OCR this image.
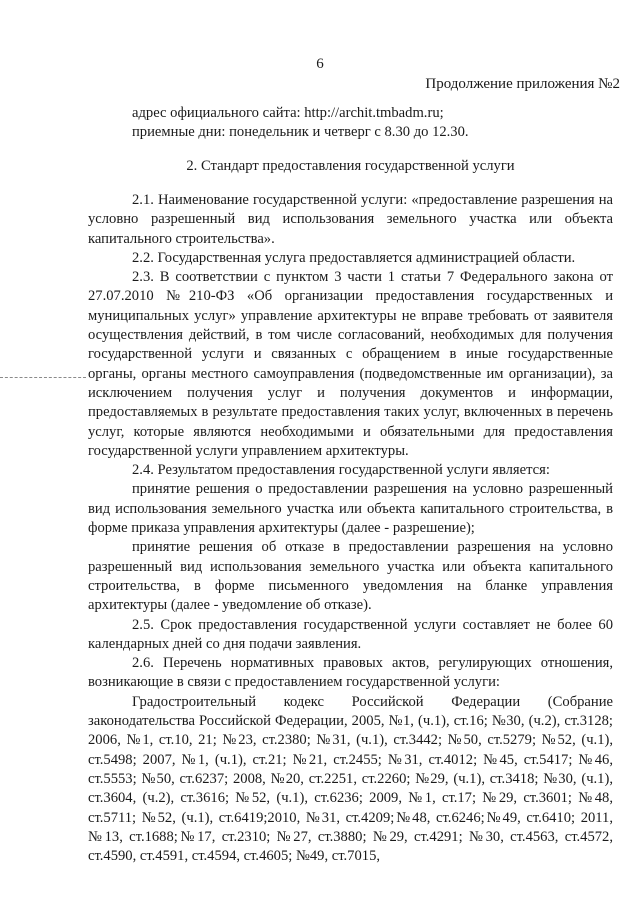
6
Продолжение приложения №2
адрес официального сайта: http://archit.tmbadm.ru;
приемные дни: понедельник и четверг с 8.30 до 12.30.
2. Стандарт предоставления государственной услуги

2.1. Наименование государственной услуги: «предоставление разрешения на условно разрешенный вид использования земельного участка или объекта капитального строительства».

2.2. Государственная услуга предоставляется администрацией области.

2.3. В соответствии с пунктом 3 части 1 статьи 7 Федерального закона от 27.07.2010 №210-ФЗ «Об организации предоставления государственных и муниципальных услуг» управление архитектуры не вправе требовать от заявителя осуществления действий, в том числе согласований, необходимых для получения государственной услуги и связанных с обращением в иные государственные органы, органы местного самоуправления (подведомственные им организации), за исключением получения услуг и получения документов и информации, предоставляемых в результате предоставления таких услуг, включенных в перечень услуг, которые являются необходимыми и обязательными для предоставления государственной услуги управлением архитектуры.

2.4. Результатом предоставления государственной услуги является:

принятие решения о предоставлении разрешения на условно разрешенный вид использования земельного участка или объекта капитального строительства, в форме приказа управления архитектуры (далее - разрешение);

принятие решения об отказе в предоставлении разрешения на условно разрешенный вид использования земельного участка или объекта капитального строительства, в форме письменного уведомления на бланке управления архитектуры (далее - уведомление об отказе).

2.5. Срок предоставления государственной услуги составляет не более 60 календарных дней со дня подачи заявления.

2.6. Перечень нормативных правовых актов, регулирующих отношения, возникающие в связи с предоставлением государственной услуги:

Градостроительный кодекс Российской Федерации (Собрание законодательства Российской Федерации, 2005, №1, (ч.1), ст.16; №30, (ч.2), ст.3128; 2006, №1, ст.10, 21; №23, ст.2380; №31, (ч.1), ст.3442; №50, ст.5279; №52, (ч.1), ст.5498; 2007, №1, (ч.1), ст.21; №21, ст.2455; №31, ст.4012; №45, ст.5417; №46, ст.5553; №50, ст.6237; 2008, №20, ст.2251, ст.2260; №29, (ч.1), ст.3418; №30, (ч.1), ст.3604, (ч.2), ст.3616; №52, (ч.1), ст.6236; 2009, №1, ст.17; №29, ст.3601; №48, ст.5711; №52, (ч.1), ст.6419;2010, №31, ст.4209;№48, ст.6246;№49, ст.6410; 2011, №13, ст.1688;№17, ст.2310; №27, ст.3880; №29, ст.4291; №30, ст.4563, ст.4572, ст.4590, ст.4591, ст.4594, ст.4605; №49, ст.7015,
